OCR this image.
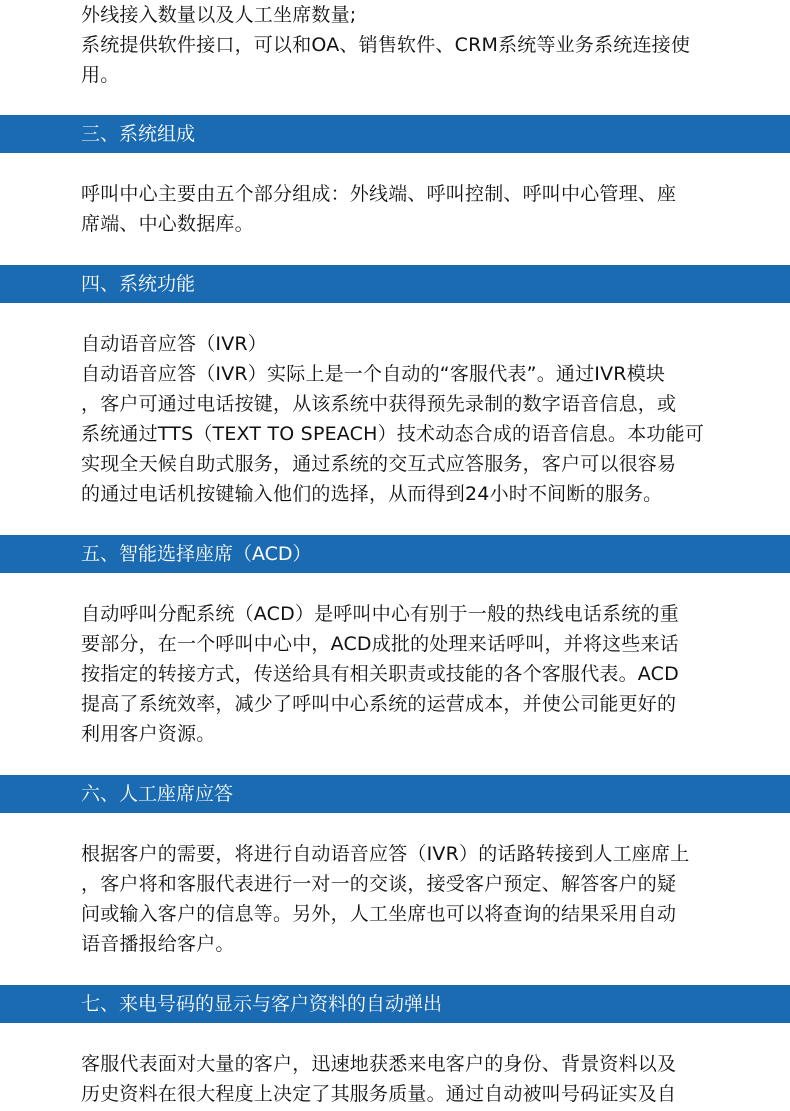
外线接入数量以及人工坐席数量;
系统提供软件接口，可以和OA、销售软件、CRM系统等业务系统连接使
用。
三、系统组成
呼叫中心主要由五个部分组成：外线端、呼叫控制、呼叫中心管理、座
席端、中心数据库。
四、系统功能
自动语音应答（IVR）
自动语音应答（IVR）实际上是一个自动的“客服代表”。通过IVR模块
，客户可通过电话按键，从该系统中获得预先录制的数字语音信息，或
系统通过TTS（TEXT TO SPEACH）技术动态合成的语音信息。本功能可
实现全天候自助式服务，通过系统的交互式应答服务，客户可以很容易
的通过电话机按键输入他们的选择，从而得到24小时不间断的服务。
五、智能选择座席（ACD）
自动呼叫分配系统（ACD）是呼叫中心有别于一般的热线电话系统的重
要部分，在一个呼叫中心中，ACD成批的处理来话呼叫，并将这些来话
按指定的转接方式，传送给具有相关职责或技能的各个客服代表。ACD
提高了系统效率，减少了呼叫中心系统的运营成本，并使公司能更好的
利用客户资源。
六、人工座席应答
根据客户的需要，将进行自动语音应答（IVR）的话路转接到人工座席上
，客户将和客服代表进行一对一的交谈，接受客户预定、解答客户的疑
问或输入客户的信息等。另外，人工坐席也可以将查询的结果采用自动
语音播报给客户。
七、来电号码的显示与客户资料的自动弹出
客服代表面对大量的客户，迅速地获悉来电客户的身份、背景资料以及
历史资料在很大程度上决定了其服务质量。通过自动被叫号码证实及自
